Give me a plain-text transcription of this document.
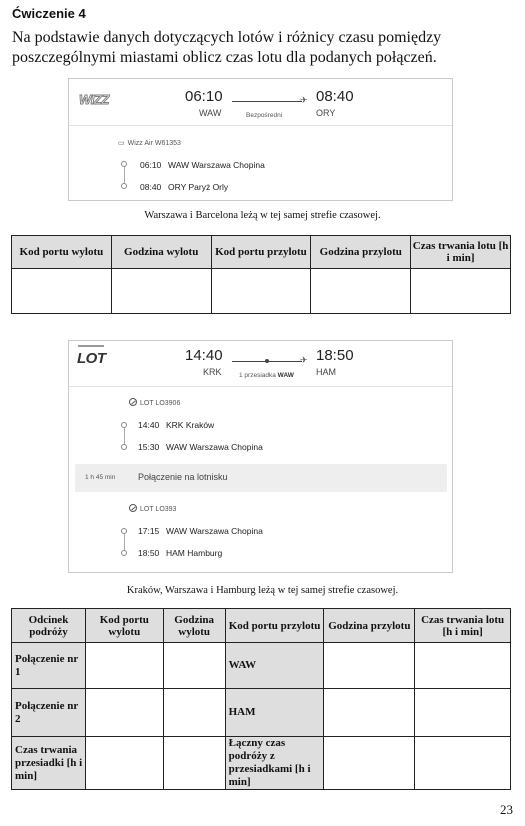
Ćwiczenie 4
Na podstawie danych dotyczących lotów i różnicy czasu pomiędzy poszczególnymi miastami oblicz czas lotu dla podanych połączeń.
WIZZ	06:10
WAW
✈
Bezpośredni
08:40
ORY
▭ Wizz Air W61353
06:10 WAW Warszawa Chopina
08:40 ORY Paryż Orly
Warszawa i Barcelona leżą w tej samej strefie czasowej.
Kod portu wylotu	Godzina wylotu	Kod portu przylotu	Godzina przylotu	Czas trwania lotu [h i min]

LOT	14:40
KRK
✈
1 przesiadka WAW
18:50
HAM
LOT LO3906
14:40 KRK Kraków
15:30 WAW Warszawa Chopina
1 h 45 min	Połączenie na lotnisku
LOT LO393
17:15 WAW Warszawa Chopina
18:50 HAM Hamburg
Kraków, Warszawa i Hamburg leżą w tej samej strefie czasowej.
Odcinek podróży	Kod portu wylotu	Godzina wylotu	Kod portu przylotu	Godzina przylotu	Czas trwania lotu [h i min]
Połączenie nr 1			WAW		
Połączenie nr 2			HAM		
Czas trwania przesiadki [h i min]			Łączny czas podróży z przesiadkami [h i min]		
23
